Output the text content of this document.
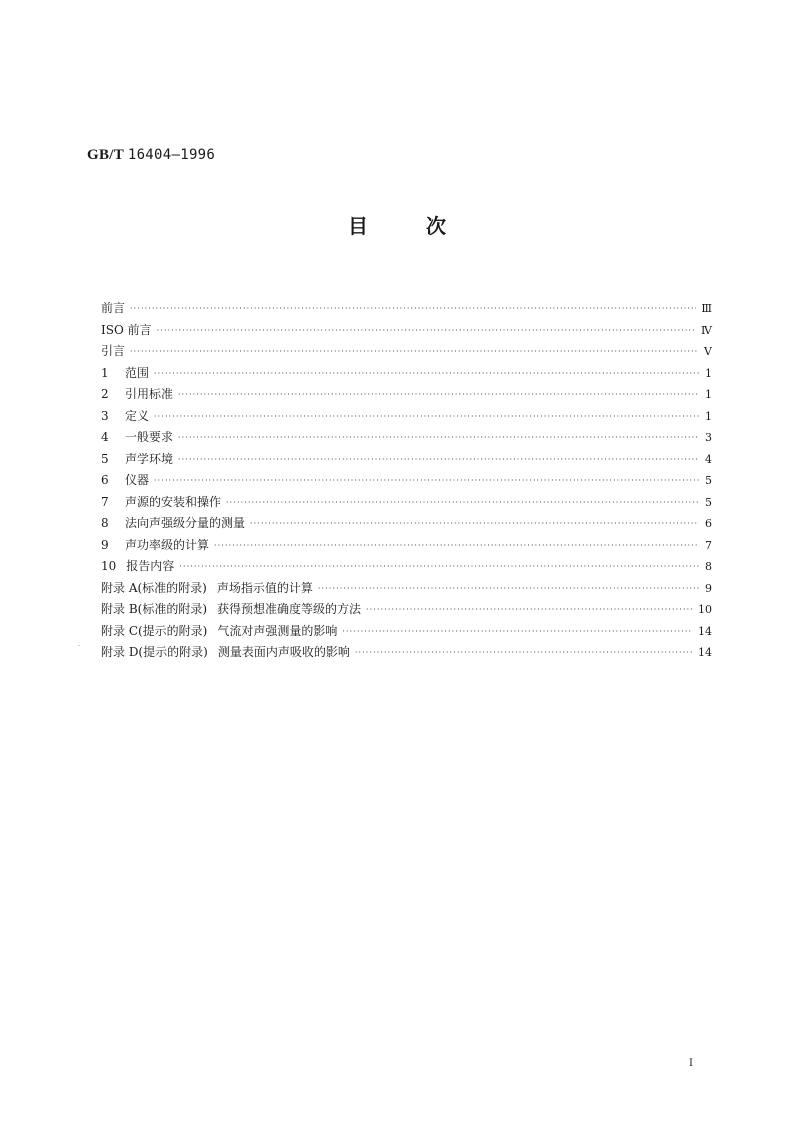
GB/T 16404—1996
目	次
前言 ·····	Ⅲ
ISO 前言 ·····	Ⅳ
引言 ·····	Ⅴ
1 范围 ·····	1
2 引用标准 ·····	1
3 定义 ·····	1
4 一般要求 ·····	3
5 声学环境 ·····	4
6 仪器 ·····	5
7 声源的安装和操作 ·····	5
8 法向声强级分量的测量 ·····	6
9 声功率级的计算 ·····	7
10 报告内容 ·····	8
附录 A(标准的附录) 声场指示值的计算 ·····	9
附录 B(标准的附录) 获得预想准确度等级的方法 ·····	10
附录 C(提示的附录) 气流对声强测量的影响 ·····	14
附录 D(提示的附录) 测量表面内声吸收的影响 ·····	14
I
